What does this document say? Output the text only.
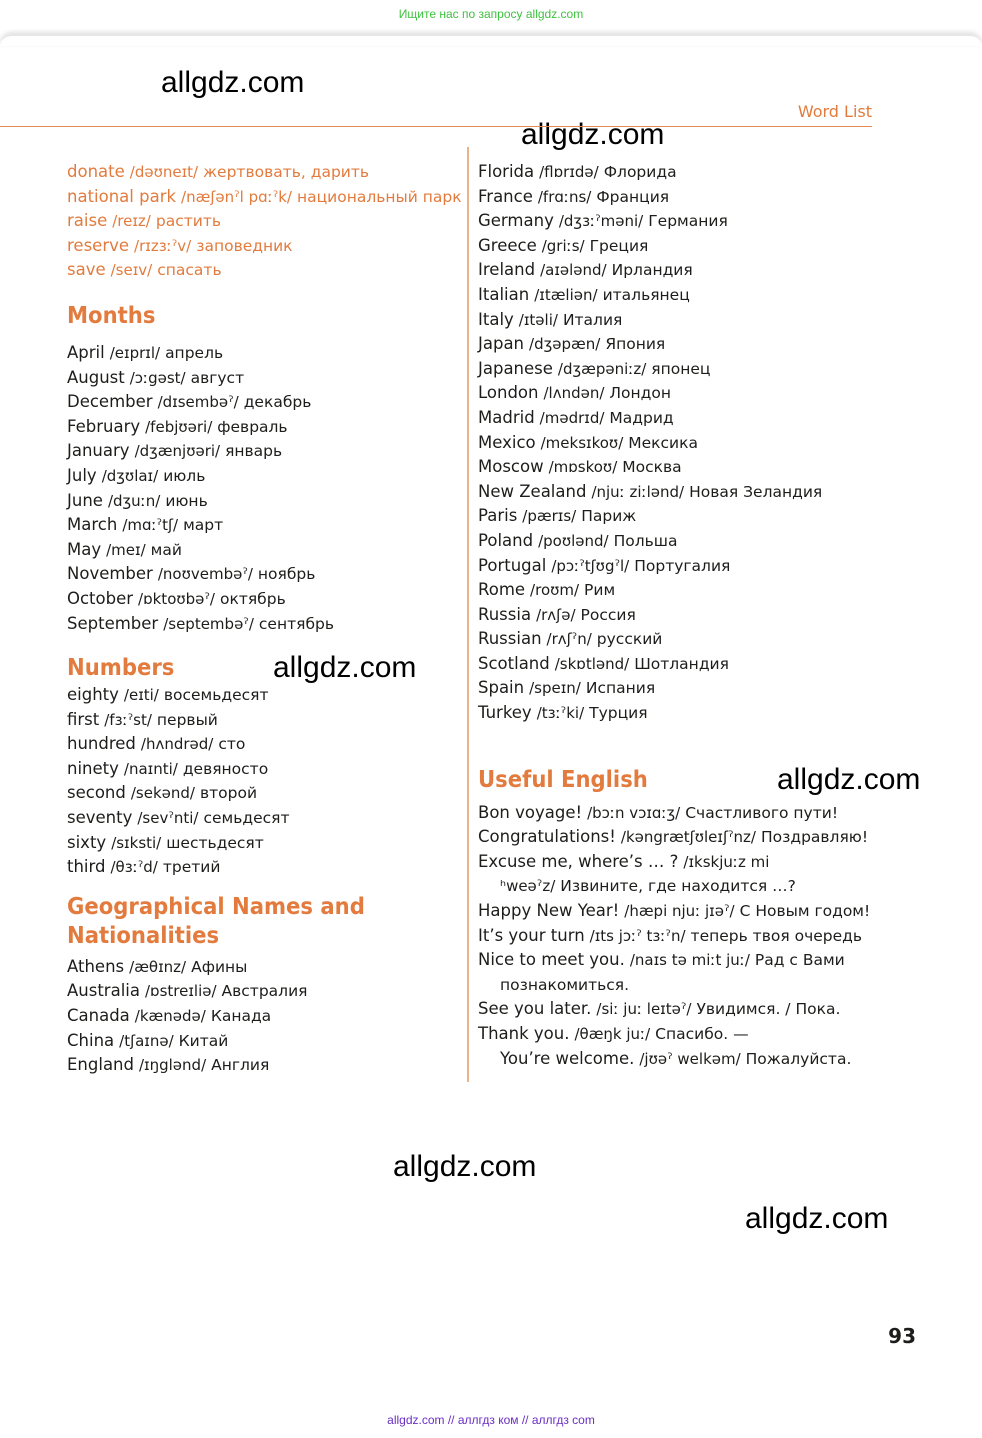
Ищите нас по запросу allgdz.com
allgdz.com
Word List
allgdz.com
allgdz.com
allgdz.com
allgdz.com
allgdz.com
donate /dəʊneɪt/ жертвовать, дарить
national park /næʃənˀl pɑːˀk/ национальный парк
raise /reɪz/ растить
reserve /rɪzɜːˀv/ заповедник
save /seɪv/ спасать
Months
April /eɪprɪl/ апрель
August /ɔːgəst/ август
December /dɪsembəˀ/ декабрь
February /febjʊəri/ февраль
January /dʒænjʊəri/ январь
July /dʒʊlaɪ/ июль
June /dʒuːn/ июнь
March /mɑːˀtʃ/ март
May /meɪ/ май
November /noʊvembəˀ/ ноябрь
October /ɒktoʊbəˀ/ октябрь
September /septembəˀ/ сентябрь
Numbers
eighty /eɪti/ восемьдесят
first /fɜːˀst/ первый
hundred /hʌndrəd/ сто
ninety /naɪnti/ девяносто
second /sekənd/ второй
seventy /sevˀnti/ семьдесят
sixty /sɪksti/ шестьдесят
third /θɜːˀd/ третий
Geographical Names and
Nationalities
Athens /æθɪnz/ Афины
Australia /ɒstreɪliə/ Австралия
Canada /kænədə/ Канада
China /tʃaɪnə/ Китай
England /ɪŋglənd/ Англия
Florida /flɒrɪdə/ Флорида
France /frɑːns/ Франция
Germany /dʒɜːˀməni/ Германия
Greece /griːs/ Греция
Ireland /aɪələnd/ Ирландия
Italian /ɪtæliən/ итальянец
Italy /ɪtəli/ Италия
Japan /dʒəpæn/ Япония
Japanese /dʒæpəniːz/ японец
London /lʌndən/ Лондон
Madrid /mədrɪd/ Мадрид
Mexico /meksɪkoʊ/ Мексика
Moscow /mɒskoʊ/ Москва
New Zealand /njuː ziːlənd/ Новая Зеландия
Paris /pærɪs/ Париж
Poland /poʊlənd/ Польша
Portugal /pɔːˀtʃʊgˀl/ Португалия
Rome /roʊm/ Рим
Russia /rʌʃə/ Россия
Russian /rʌʃˀn/ русский
Scotland /skɒtlənd/ Шотландия
Spain /speɪn/ Испания
Turkey /tɜːˀki/ Турция
Useful English
Bon voyage! /bɔːn vɔɪɑːʒ/ Счастливого пути!
Congratulations! /kəngrætʃʊleɪʃˀnz/ Поздравляю!
Excuse me, where’s … ? /ɪkskjuːz mi
ʰweəˀz/ Извините, где находится …?
Happy New Year! /hæpi njuː jɪəˀ/ С Новым годом!
It’s your turn /ɪts jɔːˀ tɜːˀn/ теперь твоя очередь
Nice to meet you. /naɪs tə miːt juː/ Рад с Вами
познакомиться.
See you later. /siː juː leɪtəˀ/ Увидимся. / Пока.
Thank you. /θæŋk juː/ Спасибо. —
You’re welcome. /jʊəˀ welkəm/ Пожалуйста.
93
allgdz.com // аллгдз ком // аллгдз com
